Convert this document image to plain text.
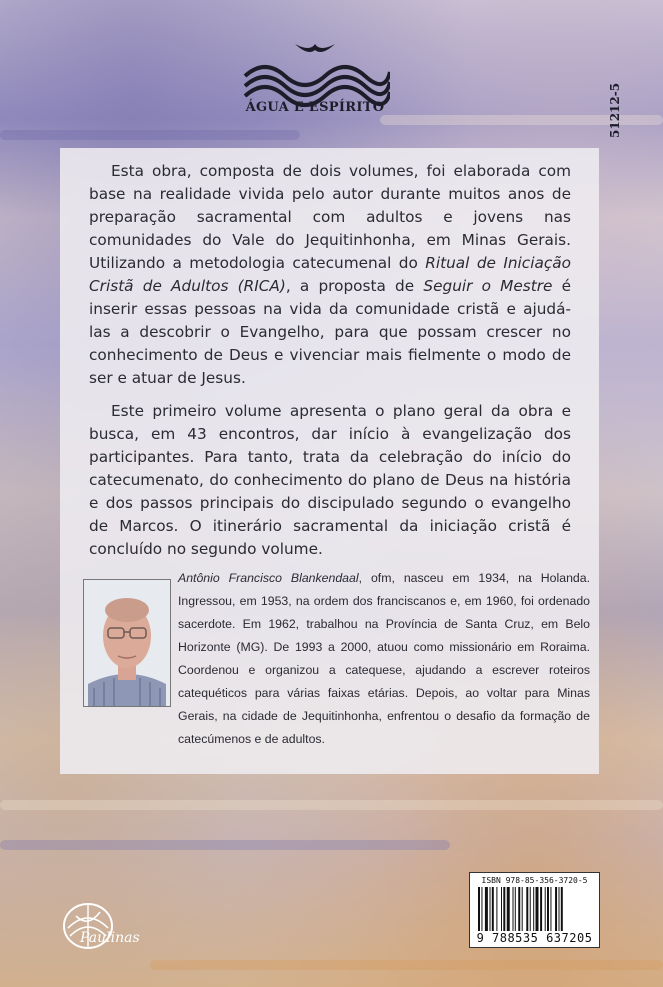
ÁGUA E ESPÍRITO	51212-5

Esta obra, composta de dois volumes, foi elaborada com base na realidade vivida pelo autor durante muitos anos de preparação sacramental com adultos e jovens nas comunidades do Vale do Jequitinhonha, em Minas Gerais. Utilizando a metodologia catecumenal do Ritual de Iniciação Cristã de Adultos (RICA), a proposta de Seguir o Mestre é inserir essas pessoas na vida da comunidade cristã e ajudá-las a descobrir o Evangelho, para que possam crescer no conhecimento de Deus e vivenciar mais fielmente o modo de ser e atuar de Jesus.

Este primeiro volume apresenta o plano geral da obra e busca, em 43 encontros, dar início à evangelização dos participantes. Para tanto, trata da celebração do início do catecumenato, do conhecimento do plano de Deus na história e dos passos principais do discipulado segundo o evangelho de Marcos. O itinerário sacramental da iniciação cristã é concluído no segundo volume.

Antônio Francisco Blankendaal, ofm, nasceu em 1934, na Holanda. Ingressou, em 1953, na ordem dos franciscanos e, em 1960, foi ordenado sacerdote. Em 1962, trabalhou na Província de Santa Cruz, em Belo Horizonte (MG). De 1993 a 2000, atuou como missionário em Roraima. Coordenou e organizou a catequese, ajudando a escrever roteiros catequéticos para várias faixas etárias. Depois, ao voltar para Minas Gerais, na cidade de Jequitinhonha, enfrentou o desafio da formação de catecúmenos e de adultos.
Paulinas
ISBN 978-85-356-3720-5
9 788535 637205
